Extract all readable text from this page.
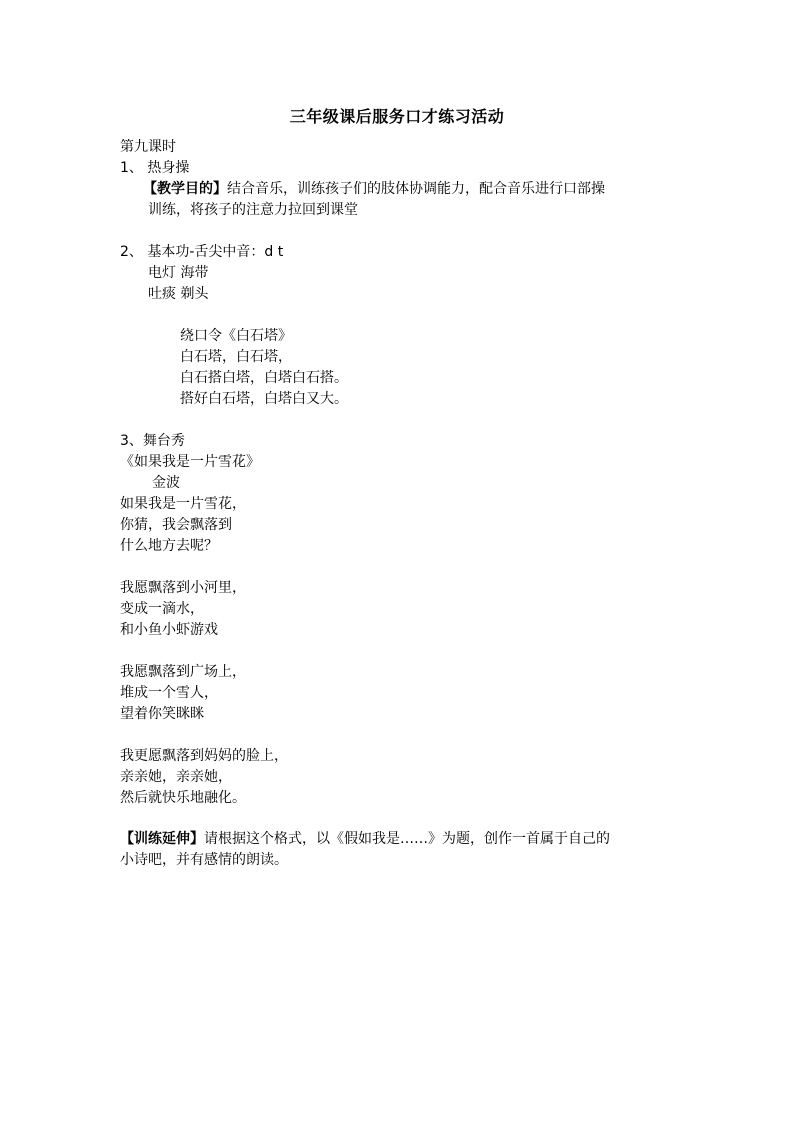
三年级课后服务口才练习活动
第九课时
1、 热身操
【教学目的】结合音乐，训练孩子们的肢体协调能力，配合音乐进行口部操
训练，将孩子的注意力拉回到课堂
2、 基本功-舌尖中音：d t
电灯 海带
吐痰 剃头
绕口令《白石塔》
白石塔，白石塔，
白石搭白塔，白塔白石搭。
搭好白石塔，白塔白又大。
3、舞台秀
《如果我是一片雪花》
金波
如果我是一片雪花，
你猜，我会飘落到
什么地方去呢？
我愿飘落到小河里，
变成一滴水，
和小鱼小虾游戏
我愿飘落到广场上，
堆成一个雪人，
望着你笑眯眯
我更愿飘落到妈妈的脸上，
亲亲她，亲亲她，
然后就快乐地融化。
【训练延伸】请根据这个格式，以《假如我是……》为题，创作一首属于自己的
小诗吧，并有感情的朗读。
